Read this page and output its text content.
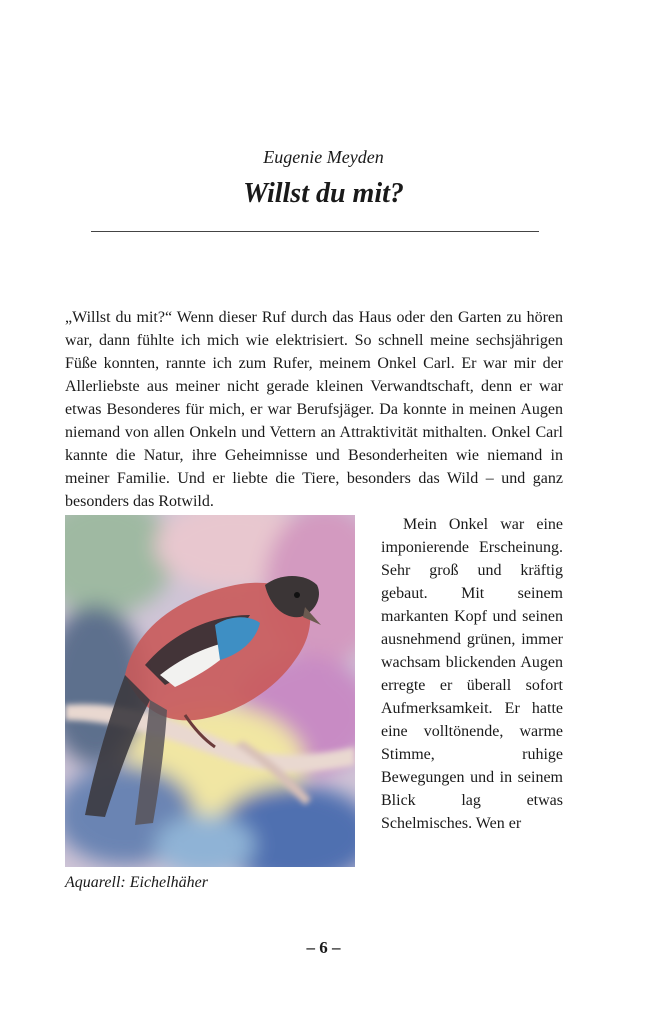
Eugenie Meyden
Willst du mit?

„Willst du mit?“ Wenn dieser Ruf durch das Haus oder den Garten zu hören war, dann fühlte ich mich wie elektrisiert. So schnell meine sechsjährigen Füße konnten, rannte ich zum Rufer, meinem Onkel Carl. Er war mir der Allerliebste aus meiner nicht gerade kleinen Verwandtschaft, denn er war etwas Besonderes für mich, er war Berufsjäger. Da konnte in meinen Augen niemand von allen Onkeln und Vettern an Attraktivität mithalten. Onkel Carl kannte die Natur, ihre Geheimnisse und Besonderheiten wie niemand in meiner Familie. Und er liebte die Tiere, besonders das Wild – und ganz besonders das Rotwild.

Aquarell: Eichelhäher

Mein Onkel war eine imponierende Erscheinung. Sehr groß und kräftig gebaut. Mit seinem markanten Kopf und seinen ausnehmend grünen, immer wachsam blickenden Augen erregte er überall sofort Aufmerksamkeit. Er hatte eine volltönende, warme Stimme, ruhige Bewegungen und in seinem Blick lag etwas Schelmisches. Wen er

– 6 –
